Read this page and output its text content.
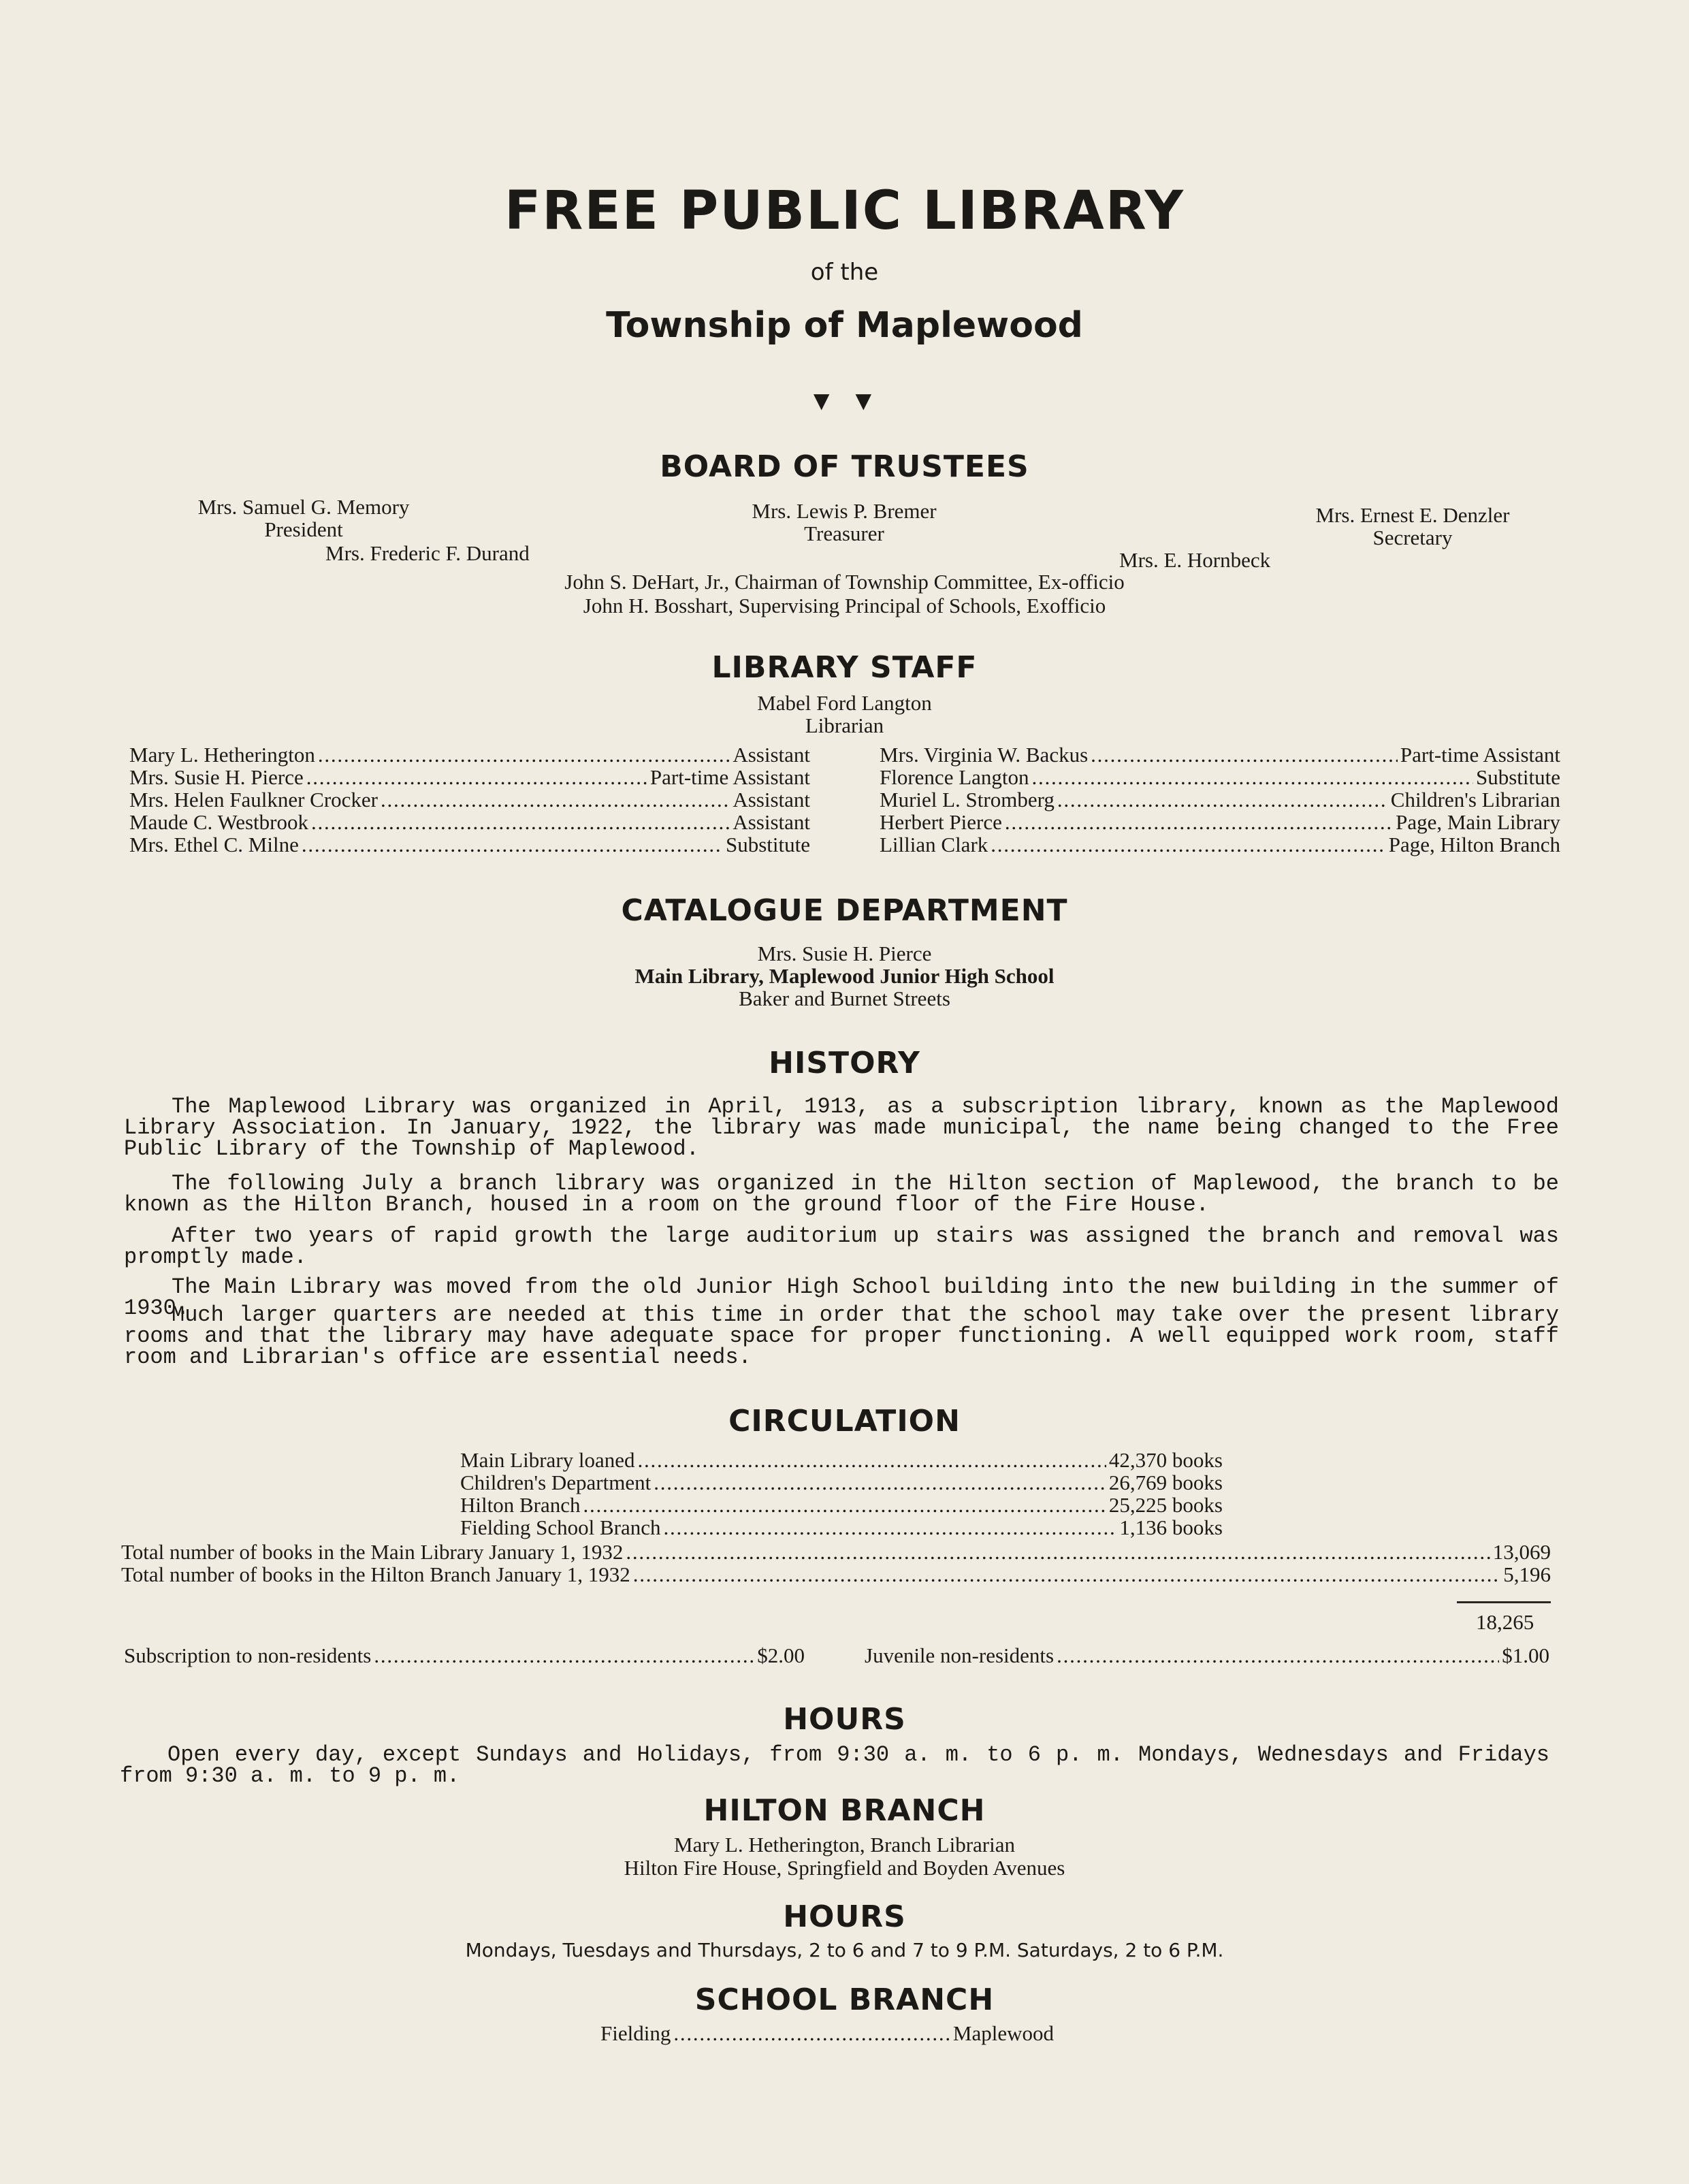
FREE PUBLIC LIBRARY
of the
Township of Maplewood
▼ ▼
BOARD OF TRUSTEES
Mrs. Samuel G. Memory
President
Mrs. Lewis P. Bremer
Treasurer
Mrs. Ernest E. Denzler
Secretary
Mrs. Frederic F. Durand	Mrs. E. Hornbeck
John S. DeHart, Jr., Chairman of Township Committee, Ex-officio
John H. Bosshart, Supervising Principal of Schools, Exofficio
LIBRARY STAFF
Mabel Ford Langton
Librarian
Mary L. Hetherington . . .	Assistant
Mrs. Susie H. Pierce . . .	Part-time Assistant
Mrs. Helen Faulkner Crocker . . .	Assistant
Maude C. Westbrook . . .	Assistant
Mrs. Ethel C. Milne . . .	Substitute
Mrs. Virginia W. Backus . . .	Part-time Assistant
Florence Langton . . .	Substitute
Muriel L. Stromberg . . .	Children's Librarian
Herbert Pierce . . .	Page, Main Library
Lillian Clark . . .	Page, Hilton Branch
CATALOGUE DEPARTMENT
Mrs. Susie H. Pierce
Main Library, Maplewood Junior High School
Baker and Burnet Streets
HISTORY
The Maplewood Library was organized in April, 1913, as a subscription library, known as the Maplewood Library Association. In January, 1922, the library was made municipal, the name being changed to the Free Public Library of the Township of Maplewood.
The following July a branch library was organized in the Hilton section of Maplewood, the branch to be known as the Hilton Branch, housed in a room on the ground floor of the Fire House.
After two years of rapid growth the large auditorium up stairs was assigned the branch and removal was promptly made.
The Main Library was moved from the old Junior High School building into the new building in the summer of 1930.
Much larger quarters are needed at this time in order that the school may take over the present library rooms and that the library may have adequate space for proper functioning. A well equipped work room, staff room and Librarian's office are essential needs.
CIRCULATION
Main Library loaned . . .	42,370 books
Children's Department . . .	26,769 books
Hilton Branch . . .	25,225 books
Fielding School Branch . . .	1,136 books
Total number of books in the Main Library January 1, 1932 . . .	13,069
Total number of books in the Hilton Branch January 1, 1932 . . .	5,196
18,265
Subscription to non-residents . . .	$2.00	Juvenile non-residents . . .	$1.00
HOURS
Open every day, except Sundays and Holidays, from 9:30 a. m. to 6 p. m. Mondays, Wednesdays and Fridays from 9:30 a. m. to 9 p. m.
HILTON BRANCH
Mary L. Hetherington, Branch Librarian
Hilton Fire House, Springfield and Boyden Avenues
HOURS
Mondays, Tuesdays and Thursdays, 2 to 6 and 7 to 9 P.M. Saturdays, 2 to 6 P.M.
SCHOOL BRANCH
Fielding . . .	Maplewood
